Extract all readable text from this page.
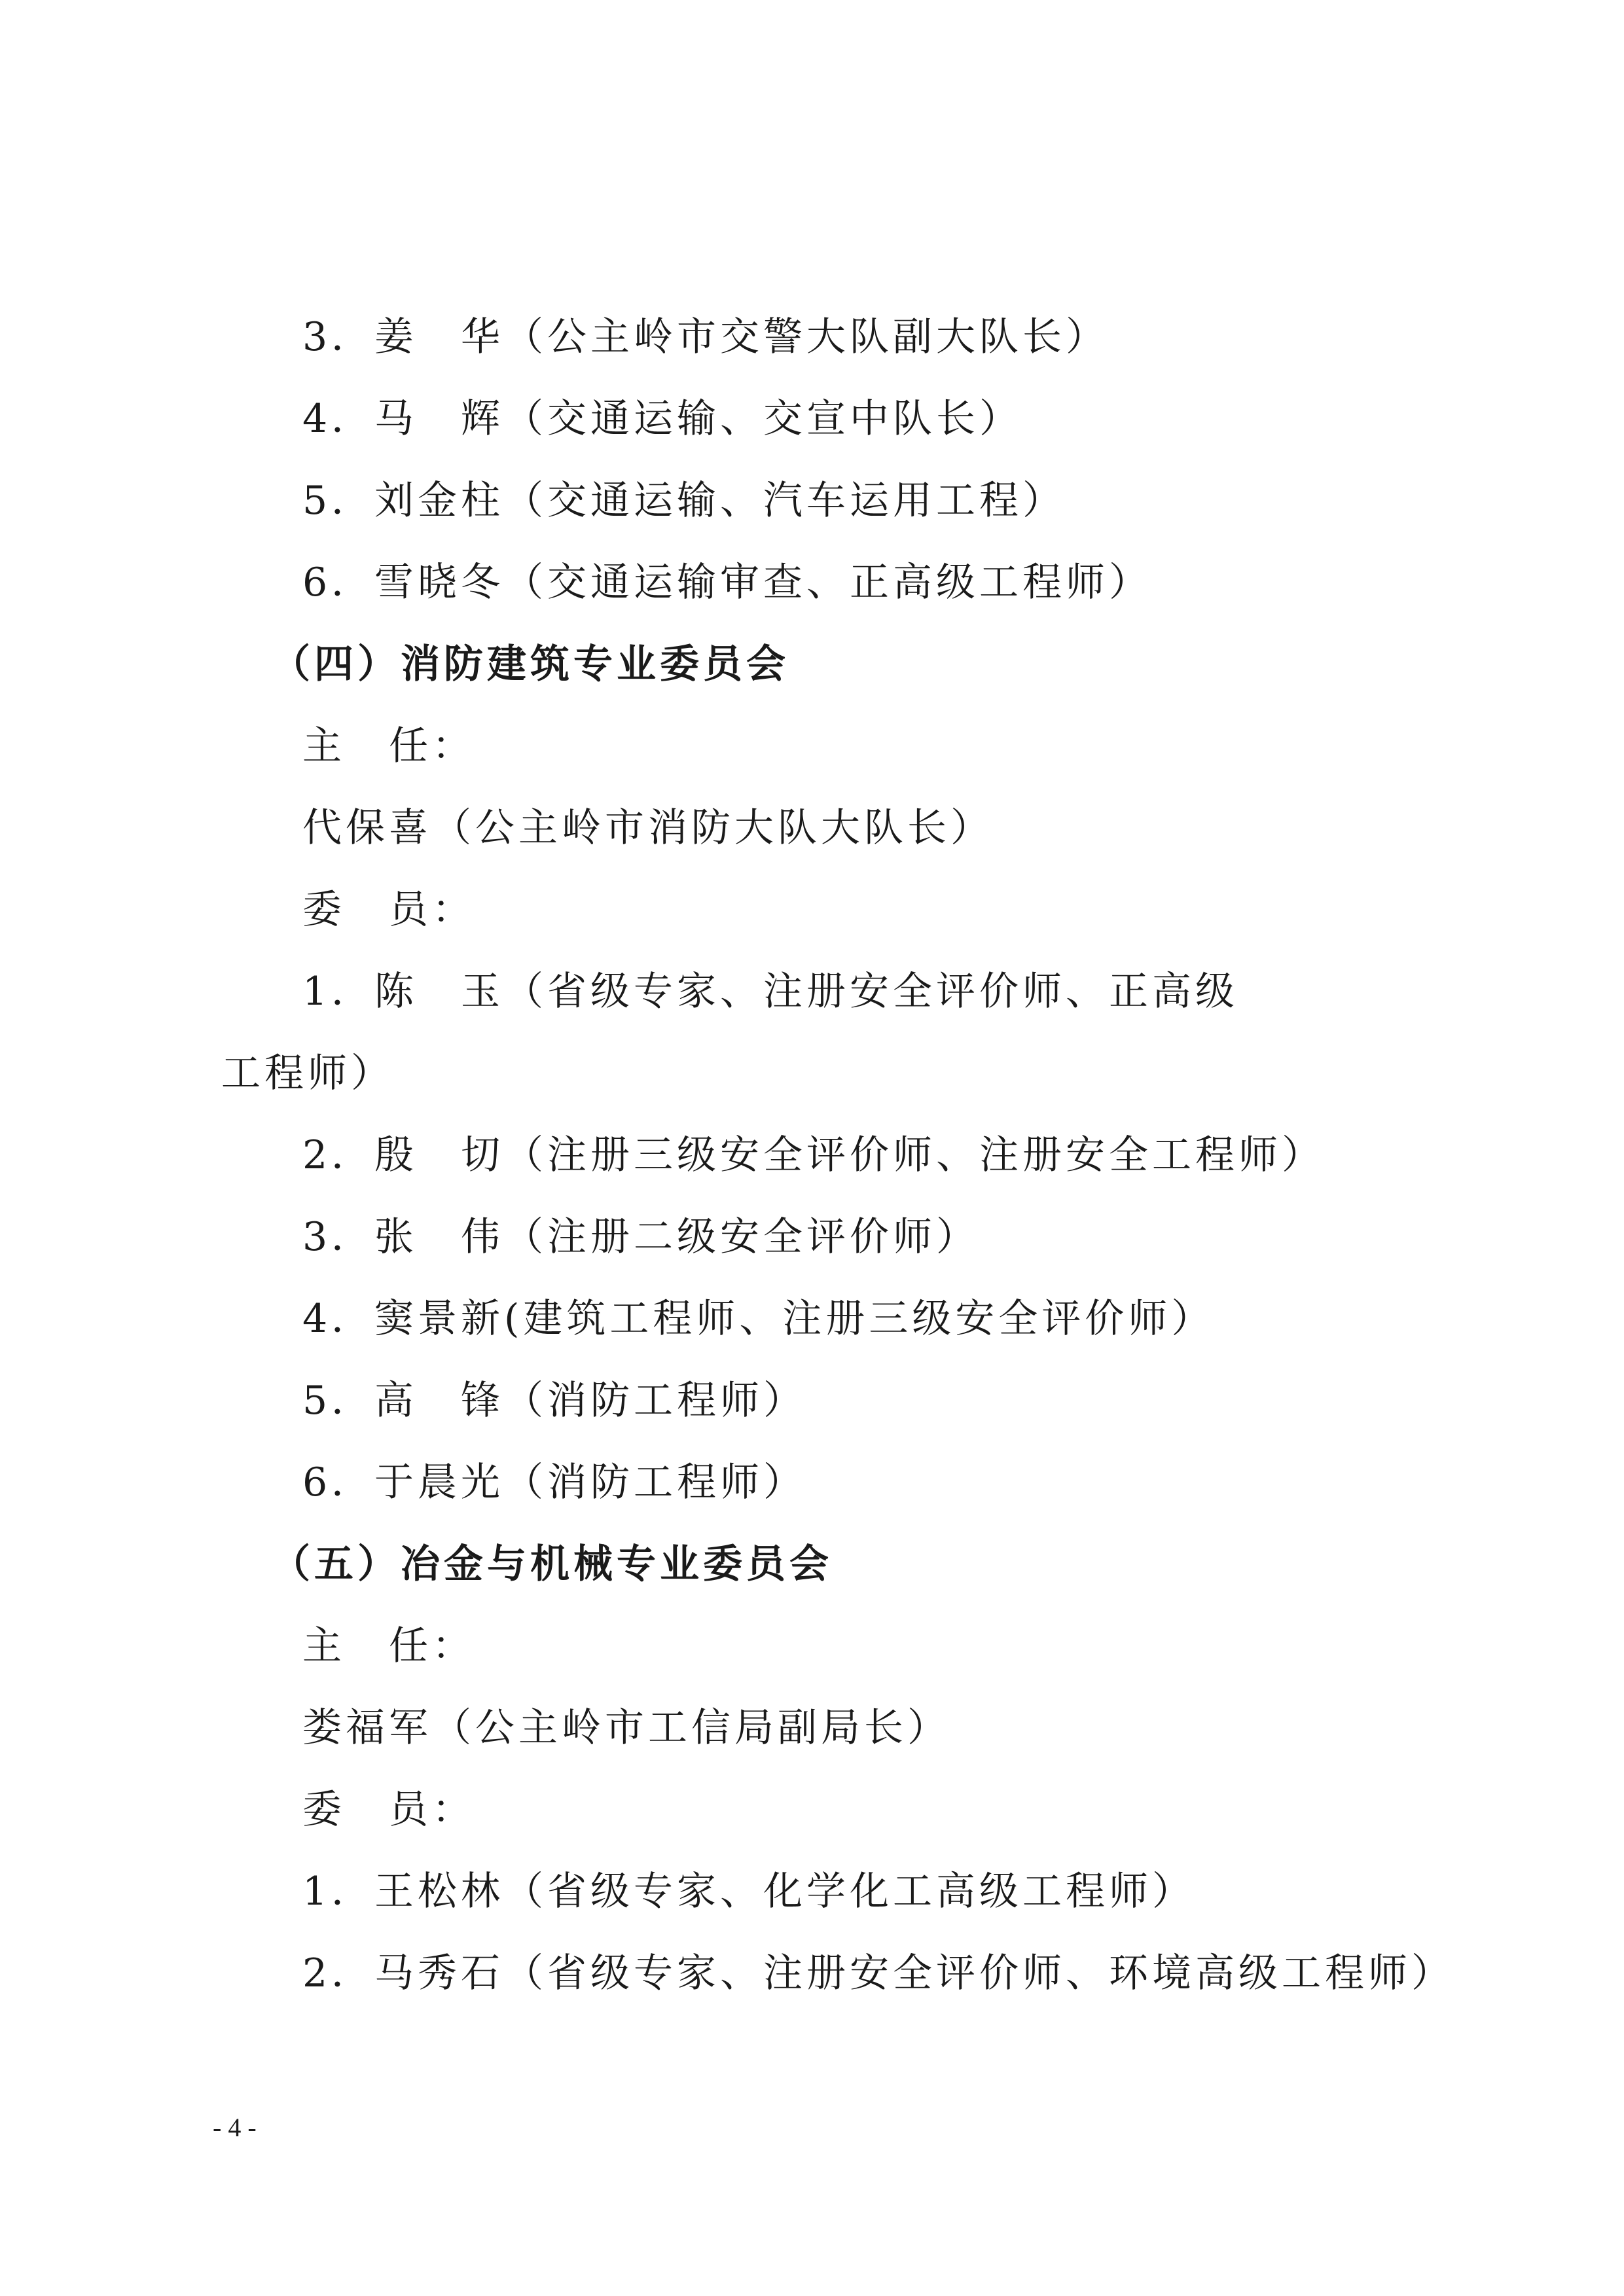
3．姜　华（公主岭市交警大队副大队长）
4．马　辉（交通运输、交宣中队长）
5．刘金柱（交通运输、汽车运用工程）
6．雪晓冬（交通运输审查、正高级工程师）
（四）消防建筑专业委员会
主　任：
代保喜（公主岭市消防大队大队长）
委　员：
1．陈　玉（省级专家、注册安全评价师、正高级
工程师）
2．殷　切（注册三级安全评价师、注册安全工程师）
3．张　伟（注册二级安全评价师）
4．窦景新(建筑工程师、注册三级安全评价师）
5．高　锋（消防工程师）
6．于晨光（消防工程师）
（五）冶金与机械专业委员会
主　任：
娄福军（公主岭市工信局副局长）
委　员：
1．王松林（省级专家、化学化工高级工程师）
2．马秀石（省级专家、注册安全评价师、环境高级工程师）
- 4 -
